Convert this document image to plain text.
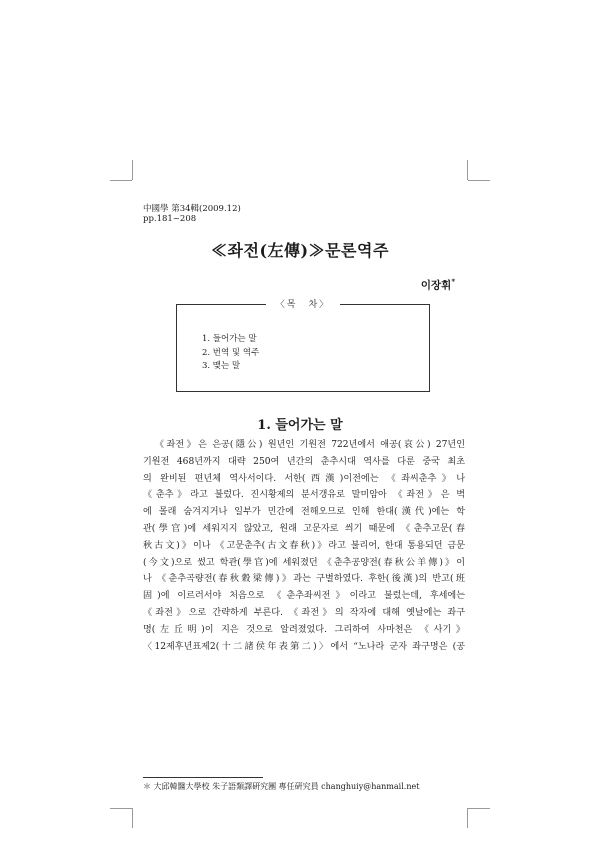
中國學 第34輯(2009.12)
pp.181~208
≪좌전(左傳)≫문론역주
이장휘*
〈목　차〉
1. 들어가는 말
2. 번역 및 역주
3. 맺는 말
1. 들어가는 말
《좌전》은 은공(隱公) 원년인 기원전 722년에서 애공(哀公) 27년인
기원전 468년까지 대략 250여 년간의 춘추시대 역사를 다룬 중국 최초
의 완비된 편년체 역사서이다. 서한(西漢)이전에는 《좌씨춘추》나
《춘추》라고 불렀다. 진시황제의 분서갱유로 말미암아 《좌전》은 벽
에 몰래 숨겨지거나 일부가 민간에 전해오므로 인해 한대(漢代)에는 학
관(學官)에 세워지지 않았고, 원래 고문자로 씌기 때문에 《춘추고문(春
秋古文)》이나 《고문춘추(古文春秋)》라고 불리어, 한대 통용되던 금문
(今文)으로 썼고 학관(學官)에 세워졌던 《춘추공양전(春秋公羊傳)》이
나 《춘추곡량전(春秋穀梁傳)》과는 구별하였다. 후한(後漢)의 반고(班
固)에 이르러서야 처음으로 《춘추좌씨전》이라고 불렀는데, 후세에는
《좌전》으로 간략하게 부른다. 《좌전》의 작자에 대해 옛날에는 좌구
명(左丘明)이 지은 것으로 알려졌었다. 그리하여 사마천은 《사기》
〈12제후년표제2(十二諸侯年表第二)〉에서 “노나라 군자 좌구명은 (공
＊ 大邱韓醫大學校 朱子語類譯硏究團 專任硏究員 changhuiy@hanmail.net
